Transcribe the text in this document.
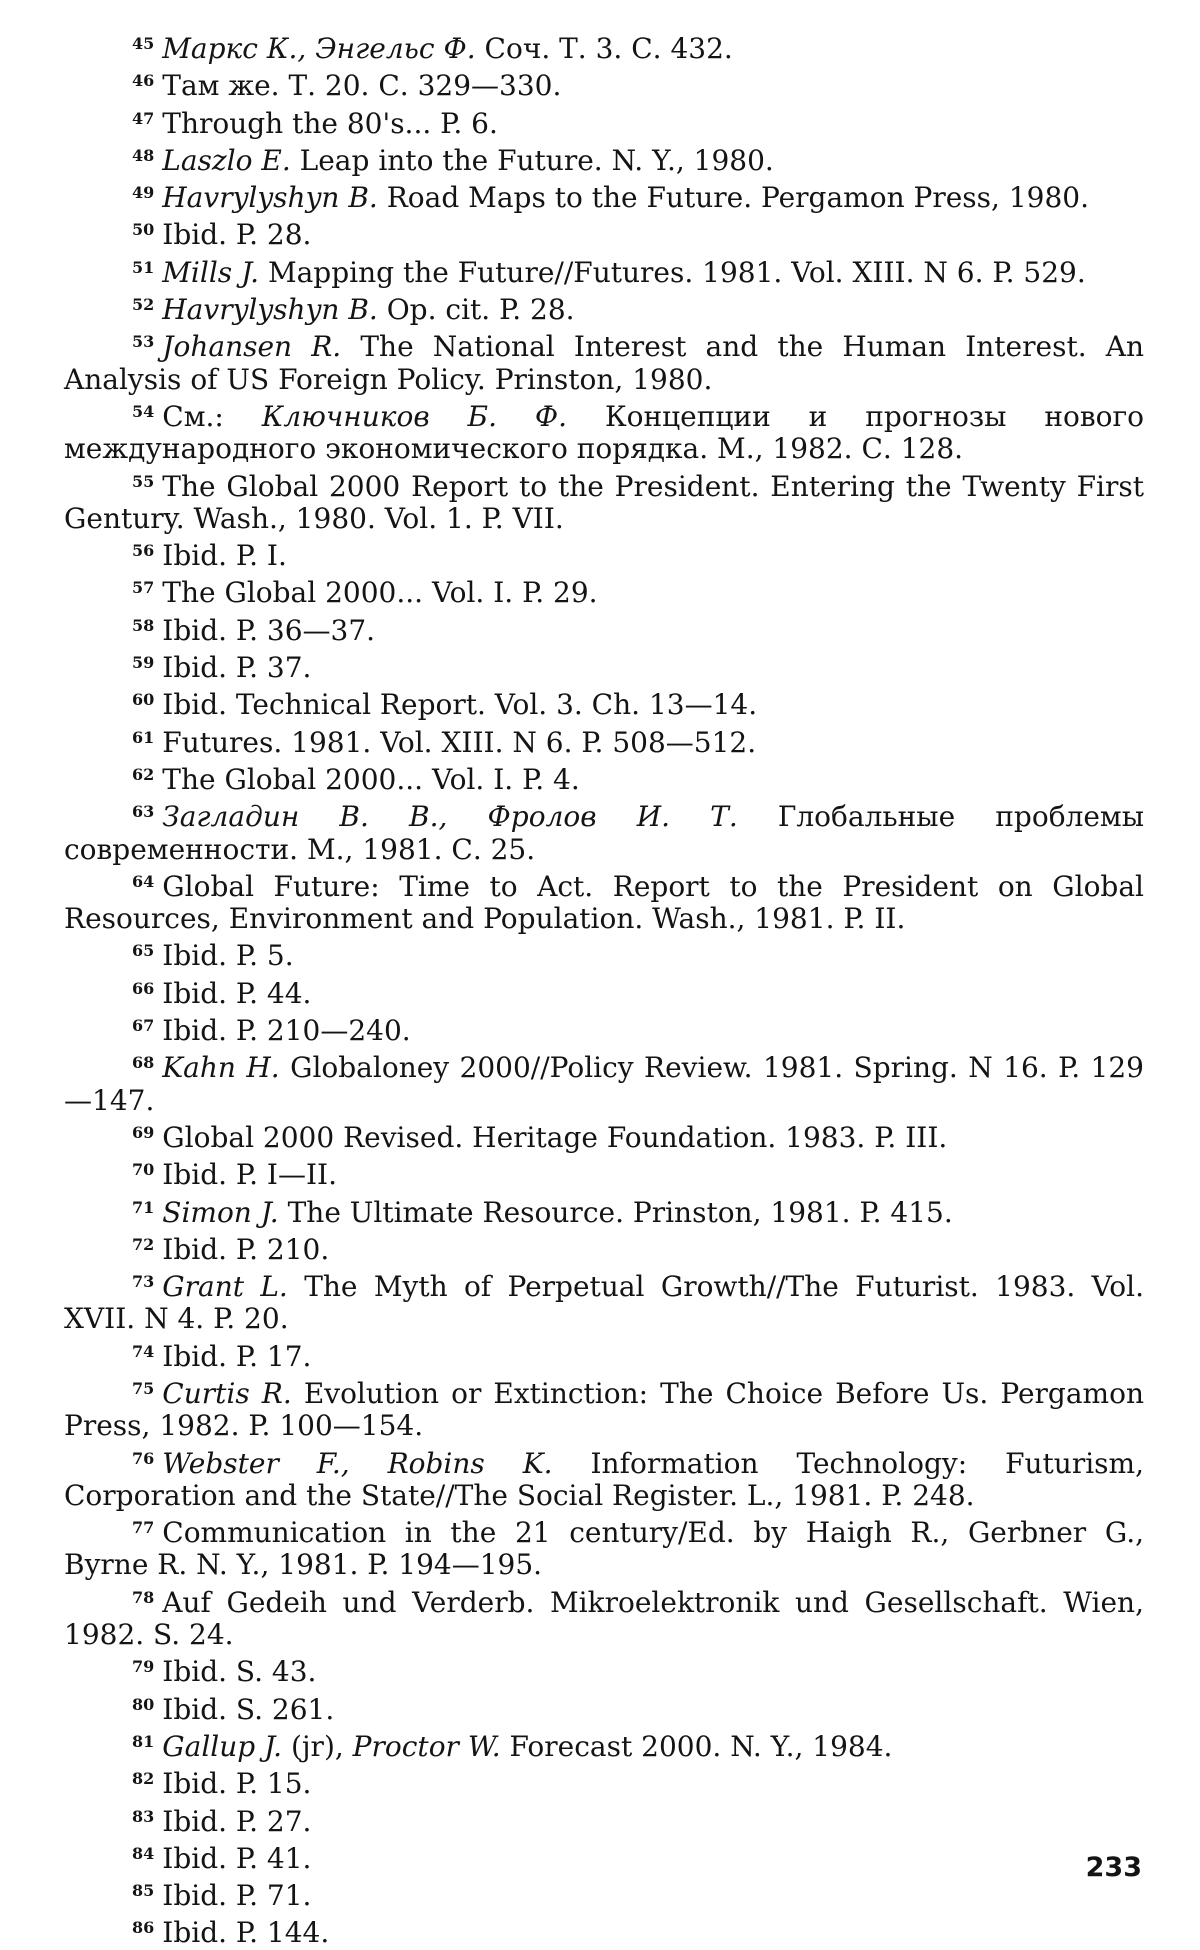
$^{45}$ Маркс К., Энгельс Ф. Соч. Т. 3. С. 432.

$^{46}$ Там же. Т. 20. С. 329—330.

$^{47}$ Through the 80's... P. 6.

$^{48}$ Laszlo E. Leap into the Future. N. Y., 1980.

$^{49}$ Havrylyshyn B. Road Maps to the Future. Pergamon Press, 1980.

$^{50}$ Ibid. P. 28.

$^{51}$ Mills J. Mapping the Future//Futures. 1981. Vol. XIII. N 6. P. 529.

$^{52}$ Havrylyshyn B. Op. cit. P. 28.

$^{53}$ Johansen R. The National Interest and the Human Interest. An Analysis of US Foreign Policy. Prinston, 1980.

$^{54}$ См.: Ключников Б. Ф. Концепции и прогнозы нового международного экономического порядка. М., 1982. С. 128.

$^{55}$ The Global 2000 Report to the President. Entering the Twenty First Gentury. Wash., 1980. Vol. 1. P. VII.

$^{56}$ Ibid. P. I.

$^{57}$ The Global 2000... Vol. I. P. 29.

$^{58}$ Ibid. P. 36—37.

$^{59}$ Ibid. P. 37.

$^{60}$ Ibid. Technical Report. Vol. 3. Ch. 13—14.

$^{61}$ Futures. 1981. Vol. XIII. N 6. P. 508—512.

$^{62}$ The Global 2000... Vol. I. P. 4.

$^{63}$ Загладин В. В., Фролов И. Т. Глобальные проблемы современности. М., 1981. С. 25.

$^{64}$ Global Future: Time to Act. Report to the President on Global Resources, Environment and Population. Wash., 1981. P. II.

$^{65}$ Ibid. P. 5.

$^{66}$ Ibid. P. 44.

$^{67}$ Ibid. P. 210—240.

$^{68}$ Kahn H. Globaloney 2000//Policy Review. 1981. Spring. N 16. P. 129—147.

$^{69}$ Global 2000 Revised. Heritage Foundation. 1983. P. III.

$^{70}$ Ibid. P. I—II.

$^{71}$ Simon J. The Ultimate Resource. Prinston, 1981. P. 415.

$^{72}$ Ibid. P. 210.

$^{73}$ Grant L. The Myth of Perpetual Growth//The Futurist. 1983. Vol. XVII. N 4. P. 20.

$^{74}$ Ibid. P. 17.

$^{75}$ Curtis R. Evolution or Extinction: The Choice Before Us. Pergamon Press, 1982. P. 100—154.

$^{76}$ Webster F., Robins K. Information Technology: Futurism, Corporation and the State//The Social Register. L., 1981. P. 248.

$^{77}$ Communication in the 21 century/Ed. by Haigh R., Gerbner G., Byrne R. N. Y., 1981. P. 194—195.

$^{78}$ Auf Gedeih und Verderb. Mikroelektronik und Gesellschaft. Wien, 1982. S. 24.

$^{79}$ Ibid. S. 43.

$^{80}$ Ibid. S. 261.

$^{81}$ Gallup J. (jr), Proctor W. Forecast 2000. N. Y., 1984.

$^{82}$ Ibid. P. 15.

$^{83}$ Ibid. P. 27.

$^{84}$ Ibid. P. 41.

$^{85}$ Ibid. P. 71.

$^{86}$ Ibid. P. 144.

233
